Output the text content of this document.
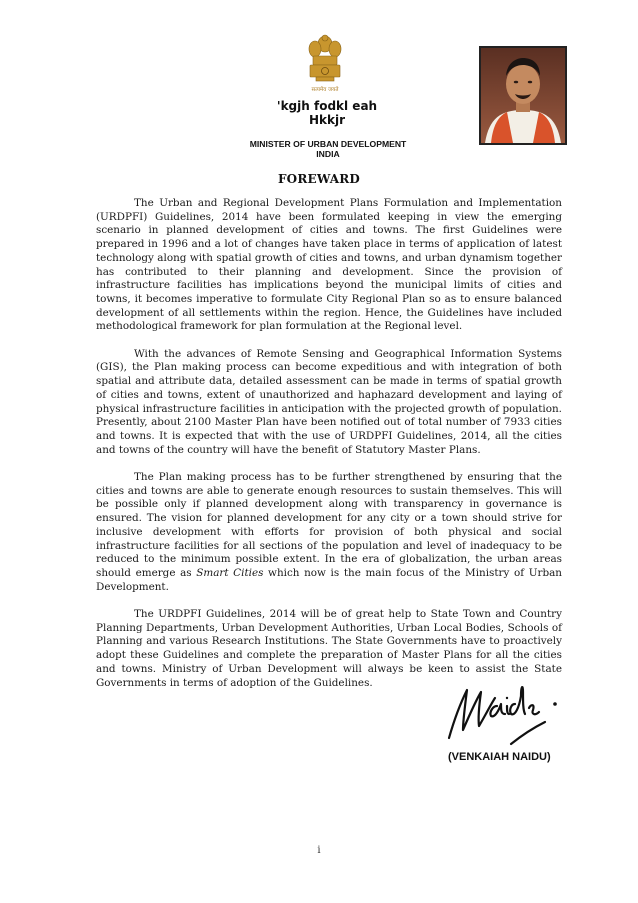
सत्यमेव जयते
'kgjh fodkl eah
Hkkjr
MINISTER OF URBAN DEVELOPMENT
INDIA
FOREWARD

The Urban and Regional Development Plans Formulation and Implementation (URDPFI) Guidelines, 2014 have been formulated keeping in view the emerging scenario in planned development of cities and towns. The first Guidelines were prepared in 1996 and a lot of changes have taken place in terms of application of latest technology along with spatial growth of cities and towns, and urban dynamism together has contributed to their planning and development. Since the provision of infrastructure facilities has implications beyond the municipal limits of cities and towns, it becomes imperative to formulate City Regional Plan so as to ensure balanced development of all settlements within the region. Hence, the Guidelines have included methodological framework for plan formulation at the Regional level.

With the advances of Remote Sensing and Geographical Information Systems (GIS), the Plan making process can become expeditious and with integration of both spatial and attribute data, detailed assessment can be made in terms of spatial growth of cities and towns, extent of unauthorized and haphazard development and laying of physical infrastructure facilities in anticipation with the projected growth of population. Presently, about 2100 Master Plan have been notified out of total number of 7933 cities and towns. It is expected that with the use of URDPFI Guidelines, 2014, all the cities and towns of the country will have the benefit of Statutory Master Plans.

The Plan making process has to be further strengthened by ensuring that the cities and towns are able to generate enough resources to sustain themselves. This will be possible only if planned development along with transparency in governance is ensured. The vision for planned development for any city or a town should strive for inclusive development with efforts for provision of both physical and social infrastructure facilities for all sections of the population and level of inadequacy to be reduced to the minimum possible extent. In the era of globalization, the urban areas should emerge as Smart Cities which now is the main focus of the Ministry of Urban Development.

The URDPFI Guidelines, 2014 will be of great help to State Town and Country Planning Departments, Urban Development Authorities, Urban Local Bodies, Schools of Planning and various Research Institutions. The State Governments have to proactively adopt these Guidelines and complete the preparation of Master Plans for all the cities and towns. Ministry of Urban Development will always be keen to assist the State Governments in terms of adoption of the Guidelines.

(VENKAIAH NAIDU)
i
